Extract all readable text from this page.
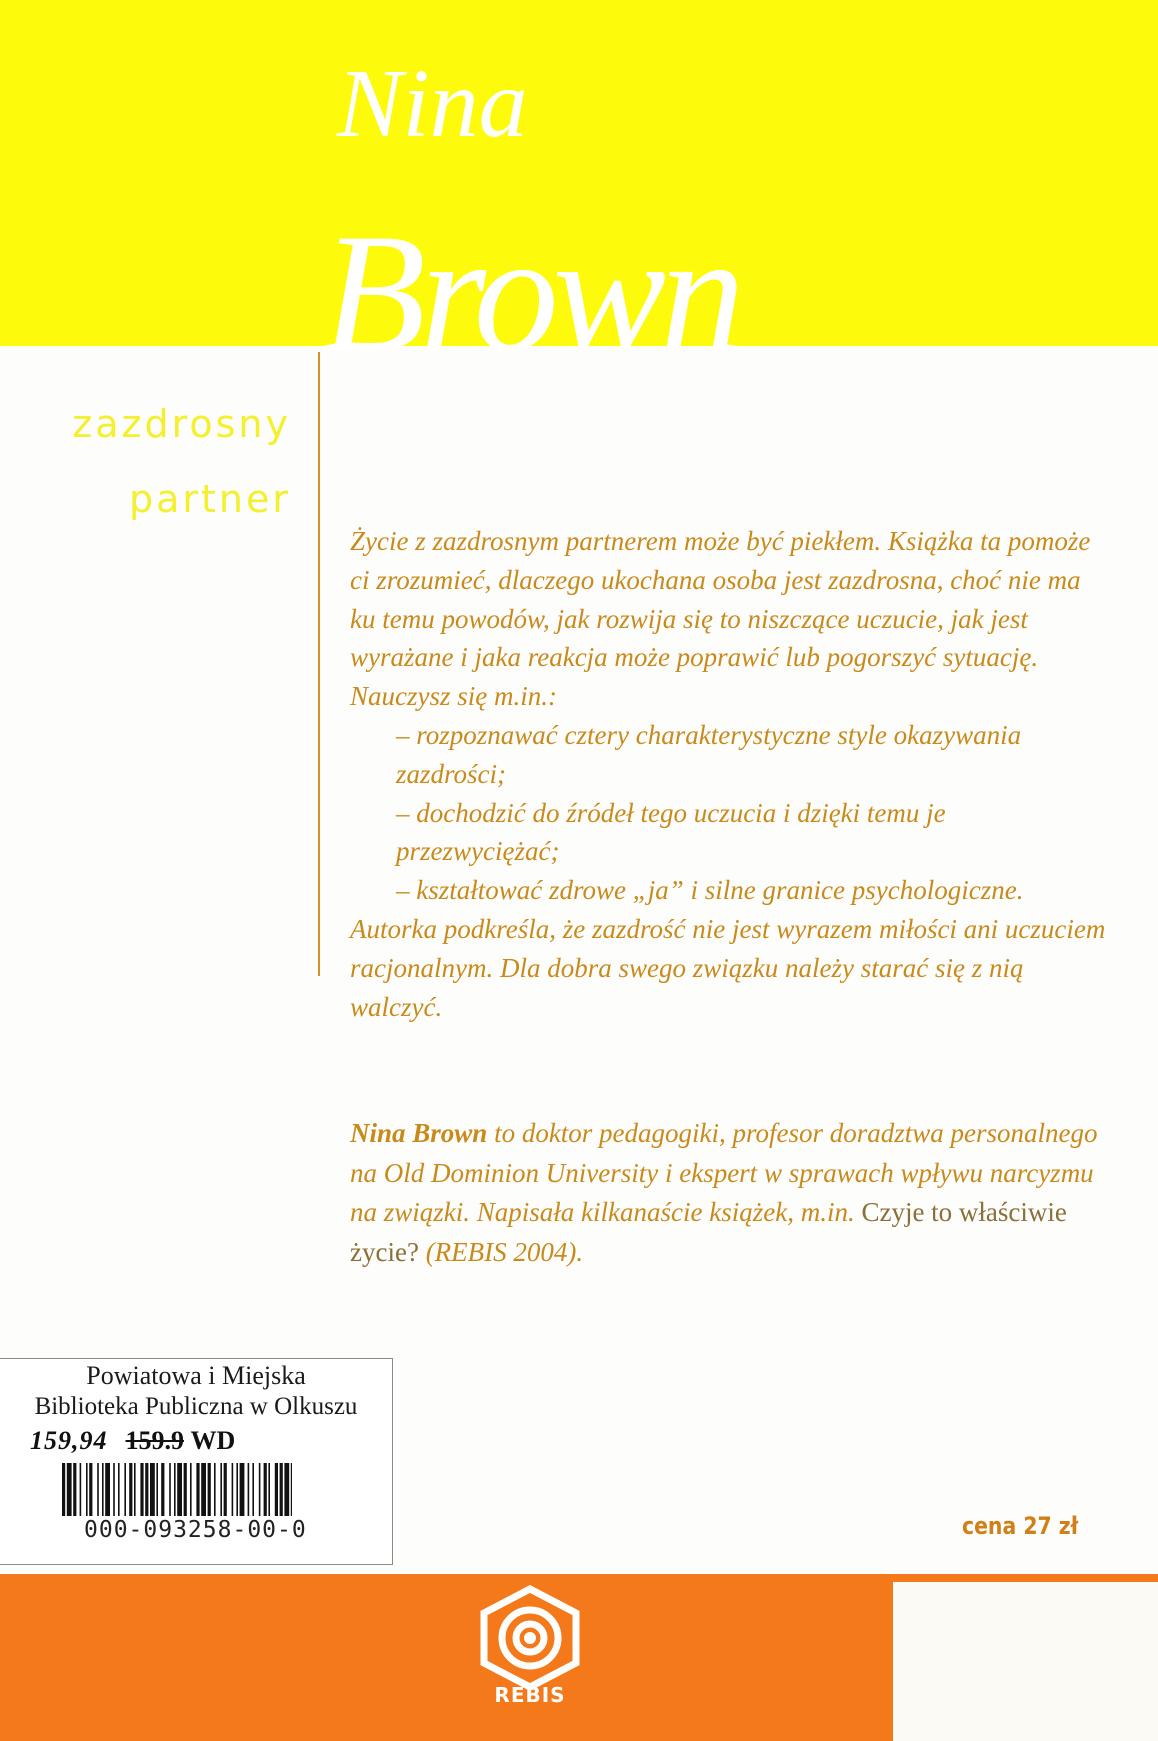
Nina
Brown
zazdrosny
partner

Życie z zazdrosnym partnerem może być piekłem. Książka ta pomoże ci zrozumieć, dlaczego ukochana osoba jest zazdrosna, choć nie ma ku temu powodów, jak rozwija się to niszczące uczucie, jak jest wyrażane i jaka reakcja może poprawić lub pogorszyć sytuację.

Nauczysz się m.in.:

– rozpoznawać cztery charakterystyczne style okazywania zazdrości;

– dochodzić do źródeł tego uczucia i dzięki temu je przezwyciężać;

– kształtować zdrowe „ja” i silne granice psychologiczne.

Autorka podkreśla, że zazdrość nie jest wyrazem miłości ani uczuciem racjonalnym. Dla dobra swego związku należy starać się z nią walczyć.

Nina Brown to doktor pedagogiki, profesor doradztwa personalnego na Old Dominion University i ekspert w sprawach wpływu narcyzmu na związki. Napisała kilkanaście książek, m.in. Czyje to właściwie życie? (REBIS 2004).
Powiatowa i Miejska
Biblioteka Publiczna w Olkuszu
159,94 159.9 WD
000-093258-00-0	cena 27 zł
REBIS
